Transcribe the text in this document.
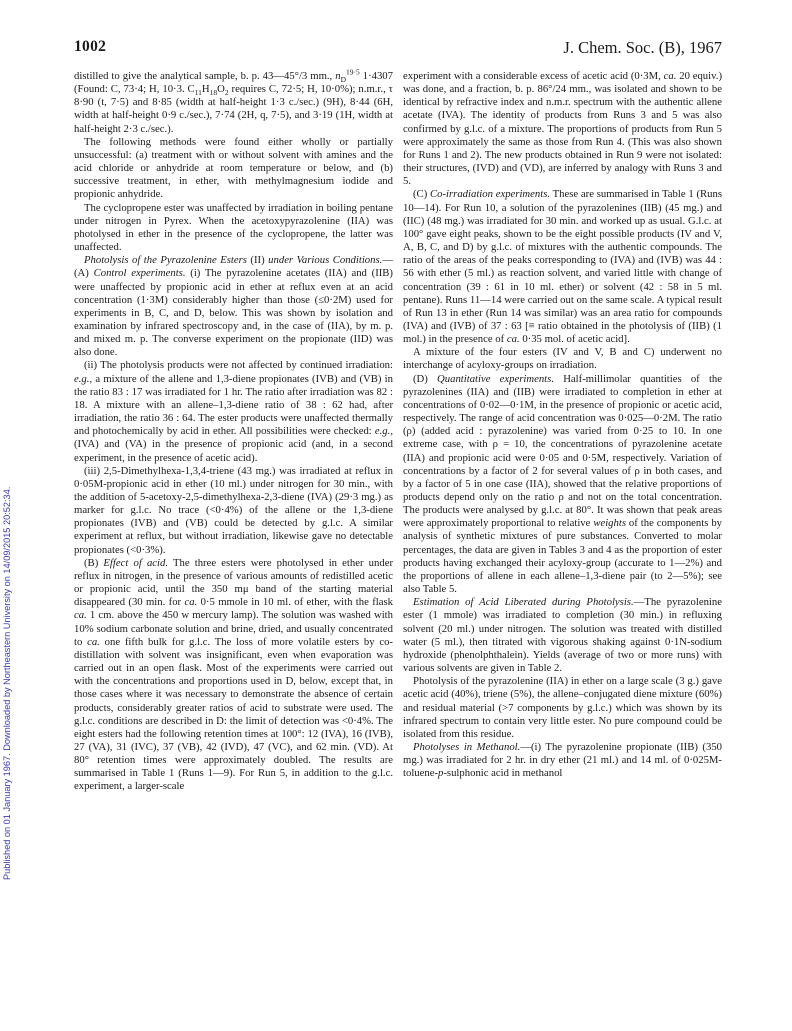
1002	J. Chem. Soc. (B), 1967
Published on 01 January 1967. Downloaded by Northeastern University on 14/09/2015 20:52:34.

distilled to give the analytical sample, b. p. 43—45°/3 mm., $n_D^{19\cdot 5}$ 1·4307 (Found: C, 73·4; H, 10·3. $C_{11}H_{18}O_2$ requires C, 72·5; H, 10·0%); n.m.r., τ 8·90 (t, 7·5) and 8·85 (width at half-height 1·3 c./sec.) (9H), 8·44 (6H, width at half-height 0·9 c./sec.), 7·74 (2H, q, 7·5), and 3·19 (1H, width at half-height 2·3 c./sec.).

The following methods were found either wholly or partially unsuccessful: (a) treatment with or without solvent with amines and the acid chloride or anhydride at room temperature or below, and (b) successive treatment, in ether, with methylmagnesium iodide and propionic anhydride.

The cyclopropene ester was unaffected by irradiation in boiling pentane under nitrogen in Pyrex. When the acetoxypyrazolenine (IIA) was photolysed in ether in the presence of the cyclopropene, the latter was unaffected.

Photolysis of the Pyrazolenine Esters (II) under Various Conditions.—(A) Control experiments. (i) The pyrazolenine acetates (IIA) and (IIB) were unaffected by propionic acid in ether at reflux even at an acid concentration (1·3M) considerably higher than those (≤0·2M) used for experiments in B, C, and D, below. This was shown by isolation and examination by infrared spectroscopy and, in the case of (IIA), by m. p. and mixed m. p. The converse experiment on the propionate (IID) was also done.

(ii) The photolysis products were not affected by continued irradiation: e.g., a mixture of the allene and 1,3-diene propionates (IVB) and (VB) in the ratio 83 : 17 was irradiated for 1 hr. The ratio after irradiation was 82 : 18. A mixture with an allene–1,3-diene ratio of 38 : 62 had, after irradiation, the ratio 36 : 64. The ester products were unaffected thermally and photochemically by acid in ether. All possibilities were checked: e.g., (IVA) and (VA) in the presence of propionic acid (and, in a second experiment, in the presence of acetic acid).

(iii) 2,5-Dimethylhexa-1,3,4-triene (43 mg.) was irradiated at reflux in 0·05M-propionic acid in ether (10 ml.) under nitrogen for 30 min., with the addition of 5-acetoxy-2,5-dimethylhexa-2,3-diene (IVA) (29·3 mg.) as marker for g.l.c. No trace (<0·4%) of the allene or the 1,3-diene propionates (IVB) and (VB) could be detected by g.l.c. A similar experiment at reflux, but without irradiation, likewise gave no detectable propionates (<0·3%).

(B) Effect of acid. The three esters were photolysed in ether under reflux in nitrogen, in the presence of various amounts of redistilled acetic or propionic acid, until the 350 mμ band of the starting material disappeared (30 min. for ca. 0·5 mmole in 10 ml. of ether, with the flask ca. 1 cm. above the 450 w mercury lamp). The solution was washed with 10% sodium carbonate solution and brine, dried, and usually concentrated to ca. one fifth bulk for g.l.c. The loss of more volatile esters by co-distillation with solvent was insignificant, even when evaporation was carried out in an open flask. Most of the experiments were carried out with the concentrations and proportions used in D, below, except that, in those cases where it was necessary to demonstrate the absence of certain products, considerably greater ratios of acid to substrate were used. The g.l.c. conditions are described in D: the limit of detection was <0·4%. The eight esters had the following retention times at 100°: 12 (IVA), 16 (IVB), 27 (VA), 31 (IVC), 37 (VB), 42 (IVD), 47 (VC), and 62 min. (VD). At 80° retention times were approximately doubled. The results are summarised in Table 1 (Runs 1—9). For Run 5, in addition to the g.l.c. experiment, a larger-scale

experiment with a considerable excess of acetic acid (0·3M, ca. 20 equiv.) was done, and a fraction, b. p. 86°/24 mm., was isolated and shown to be identical by refractive index and n.m.r. spectrum with the authentic allene acetate (IVA). The identity of products from Runs 3 and 5 was also confirmed by g.l.c. of a mixture. The proportions of products from Run 5 were approximately the same as those from Run 4. (This was also shown for Runs 1 and 2). The new products obtained in Run 9 were not isolated: their structures, (IVD) and (VD), are inferred by analogy with Runs 3 and 5.

(C) Co-irradiation experiments. These are summarised in Table 1 (Runs 10—14). For Run 10, a solution of the pyrazolenines (IIB) (45 mg.) and (IIC) (48 mg.) was irradiated for 30 min. and worked up as usual. G.l.c. at 100° gave eight peaks, shown to be the eight possible products (IV and V, A, B, C, and D) by g.l.c. of mixtures with the authentic compounds. The ratio of the areas of the peaks corresponding to (IVA) and (IVB) was 44 : 56 with ether (5 ml.) as reaction solvent, and varied little with change of concentration (39 : 61 in 10 ml. ether) or solvent (42 : 58 in 5 ml. pentane). Runs 11—14 were carried out on the same scale. A typical result of Run 13 in ether (Run 14 was similar) was an area ratio for compounds (IVA) and (IVB) of 37 : 63 [≡ ratio obtained in the photolysis of (IIB) (1 mol.) in the presence of ca. 0·35 mol. of acetic acid].

A mixture of the four esters (IV and V, B and C) underwent no interchange of acyloxy-groups on irradiation.

(D) Quantitative experiments. Half-millimolar quantities of the pyrazolenines (IIA) and (IIB) were irradiated to completion in ether at concentrations of 0·02—0·1M, in the presence of propionic or acetic acid, respectively. The range of acid concentration was 0·025—0·2M. The ratio (ρ) (added acid : pyrazolenine) was varied from 0·25 to 10. In one extreme case, with ρ = 10, the concentrations of pyrazolenine acetate (IIA) and propionic acid were 0·05 and 0·5M, respectively. Variation of concentrations by a factor of 2 for several values of ρ in both cases, and by a factor of 5 in one case (IIA), showed that the relative proportions of products depend only on the ratio ρ and not on the total concentration. The products were analysed by g.l.c. at 80°. It was shown that peak areas were approximately proportional to relative weights of the components by analysis of synthetic mixtures of pure substances. Converted to molar percentages, the data are given in Tables 3 and 4 as the proportion of ester products having exchanged their acyloxy-group (accurate to 1—2%) and the proportions of allene in each allene–1,3-diene pair (to 2—5%); see also Table 5.

Estimation of Acid Liberated during Photolysis.—The pyrazolenine ester (1 mmole) was irradiated to completion (30 min.) in refluxing solvent (20 ml.) under nitrogen. The solution was treated with distilled water (5 ml.), then titrated with vigorous shaking against 0·1N-sodium hydroxide (phenolphthalein). Yields (average of two or more runs) with various solvents are given in Table 2.

Photolysis of the pyrazolenine (IIA) in ether on a large scale (3 g.) gave acetic acid (40%), triene (5%), the allene–conjugated diene mixture (60%) and residual material (>7 components by g.l.c.) which was shown by its infrared spectrum to contain very little ester. No pure compound could be isolated from this residue.

Photolyses in Methanol.—(i) The pyrazolenine propionate (IIB) (350 mg.) was irradiated for 2 hr. in dry ether (21 ml.) and 14 ml. of 0·025M-toluene-p-sulphonic acid in methanol
